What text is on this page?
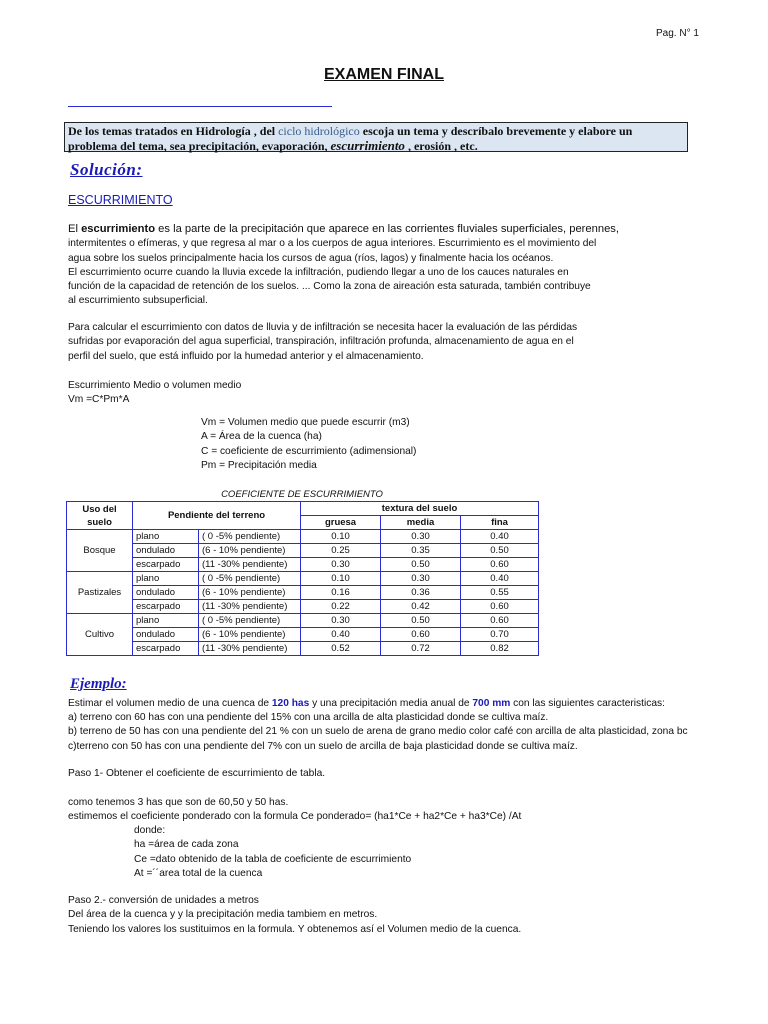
Pag. N° 1
EXAMEN FINAL
De los temas tratados en Hidrología , del ciclo hidrológico escoja un tema y descríbalo brevemente y elabore un
problema del tema, sea precipitación, evaporación, escurrimiento , erosión , etc.
Solución:
ESCURRIMIENTO
El escurrimiento es la parte de la precipitación que aparece en las corrientes fluviales superficiales, perennes,
intermitentes o efímeras, y que regresa al mar o a los cuerpos de agua interiores. Escurrimiento es el movimiento del
agua sobre los suelos principalmente hacia los cursos de agua (ríos, lagos) y finalmente hacia los océanos.
El escurrimiento ocurre cuando la lluvia excede la infiltración, pudiendo llegar a uno de los cauces naturales en
función de la capacidad de retención de los suelos. ... Como la zona de aireación esta saturada, también contribuye
al escurrimiento subsuperficial.
Para calcular el escurrimiento con datos de lluvia y de infiltración se necesita hacer la evaluación de las pérdidas
sufridas por evaporación del agua superficial, transpiración, infiltración profunda, almacenamiento de agua en el
perfil del suelo, que está influido por la humedad anterior y el almacenamiento.
Escurrimiento Medio o volumen medio
Vm =C*Pm*A
Vm = Volumen medio que puede escurrir (m3)
A = Área de la cuenca (ha)
C = coeficiente de escurrimiento (adimensional)
Pm = Precipitación media
COEFICIENTE DE ESCURRIMIENTO
Uso del suelo	Pendiente del terreno		textura del suelo		
			gruesa	media	fina
Bosque	plano	( 0 -5% pendiente)	0.10	0.30	0.40
	ondulado	(6 - 10% pendiente)	0.25	0.35	0.50
	escarpado	(11 -30% pendiente)	0.30	0.50	0.60
Pastizales	plano	( 0 -5% pendiente)	0.10	0.30	0.40
	ondulado	(6 - 10% pendiente)	0.16	0.36	0.55
	escarpado	(11 -30% pendiente)	0.22	0.42	0.60
Cultivo	plano	( 0 -5% pendiente)	0.30	0.50	0.60
	ondulado	(6 - 10% pendiente)	0.40	0.60	0.70
	escarpado	(11 -30% pendiente)	0.52	0.72	0.82
Ejemplo:
Estimar el volumen medio de una cuenca de 120 has y una precipitación media anual de 700 mm con las siguientes caracteristicas:
a) terreno con 60 has con una pendiente del 15% con una arcilla de alta plasticidad donde se cultiva maíz.
b) terreno de 50 has con una pendiente del 21 % con un suelo de arena de grano medio color café con arcilla de alta plasticidad, zona bc
c)terreno con 50 has con una pendiente del 7% con un suelo de arcilla de baja plasticidad donde se cultiva maíz.
Paso 1- Obtener el coeficiente de escurrimiento de tabla.
como tenemos 3 has que son de 60,50 y 50 has.
estimemos el coeficiente ponderado con la formula Ce ponderado= (ha1*Ce + ha2*Ce + ha3*Ce) /At
donde:
ha =área de cada zona
Ce =dato obtenido de la tabla de coeficiente de escurrimiento
At =´´area total de la cuenca
Paso 2.- conversión de unidades a metros
Del área de la cuenca y y la precipitación media tambiem en metros.
Teniendo los valores los sustituimos en la formula. Y obtenemos así el Volumen medio de la cuenca.
